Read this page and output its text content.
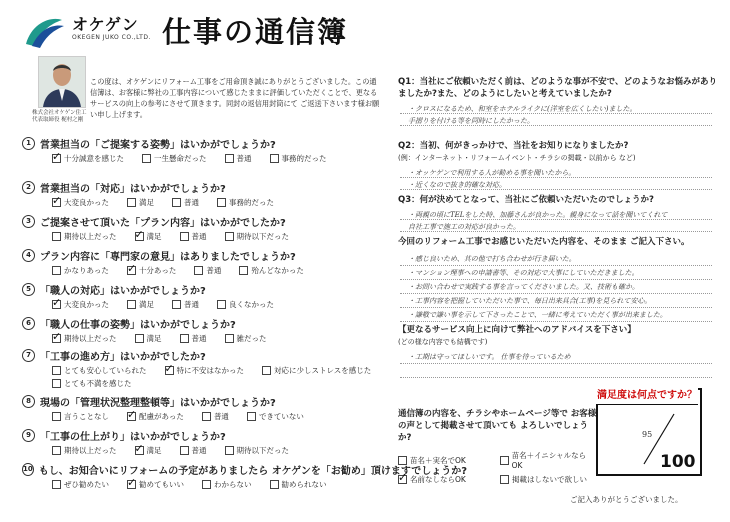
オケゲン
OKEGEN JUKO CO.,LTD. 仕事の通信簿
株式会社オケゲン住工
代表取締役 梶村之剛
この度は、オケゲンにリフォーム工事をご用命頂き誠にありがとうございました。この通信簿は、お客様に弊社の工事内容について感じたままに評価していただくことで、更なるサービスの向上の参考にさせて頂きます。同封の返信用封筒にて ご返送下さいます様お願い申し上げます。
1 営業担当の「ご提案する姿勢」はいかがでしょうか?
✓
十分誠意を感じた	一生懸命だった	普通	事務的だった
2 営業担当の「対応」はいかがでしょうか?
✓
大変良かった	満足	普通	事務的だった
3 ご提案させて頂いた「プラン内容」はいかがでしたか?
期待以上だった ✓	満足	普通	期待以下だった
4 プラン内容に「専門家の意見」はありましたでしょうか?
かなりあった ✓	十分あった	普通	殆んどなかった
5 「職人の対応」はいかがでしょうか?
✓
大変良かった	満足	普通	良くなかった
6 「職人の仕事の姿勢」はいかがでしょうか?
✓
期待以上だった	満足	普通	雑だった
7 「工事の進め方」はいかがでしたか?
とても安心していられた ✓	特に不安はなかった	対応に少しストレスを感じた
とても不満を感じた
8 現場の「管理状況整理整頓等」はいかがでしょうか?
言うことなし ✓	配慮があった	普通	できていない
9 「工事の仕上がり」はいかがでしょうか?
期待以上だった ✓	満足	普通	期待以下だった
10 もし、お知合いにリフォームの予定がありましたら オケゲンを「お勧め」頂けますでしょうか?
ぜひ勧めたい ✓	勧めてもいい	わからない	勧められない
Q1：当社にご依頼いただく前は、どのような事が不安で、どのようなお悩みがありましたか?また、どのようにしたいと考えていましたか?
・クロスになるため、和室をホテルライクに(洋室を広くしたい)ました。
手摺りを付ける等を同時にしたかった。
Q2：当初、何がきっかけで、当社をお知りになりましたか?
(例：インターネット・リフォームイベント・チラシの掲載・以前から など)
・オッケゲンで利用する人が勧める事を聞いたから。
・近くなので抜き的確な対応。
Q3：何が決めてとなって、当社にご依頼いただいたのでしょうか?
・両親の頃にTELをした時、加藤さんが良かった。親身になって話を聞いてくれて
自社工事で施工の対応が良かった。
今回のリフォーム工事でお感じいただいた内容を、そのまま ご記入下さい。
・感じ良いため、其の他で打ち合わせが行き届いた。
・マンション理事への申請書等、その対応で大事にしていただきました。
・お問い合わせで実践する事を言ってくださいました。又、技術も確か。
・工事内容を把握していただいた事で、毎日出来具合(工事)を見られて安心。
・謙敬で謙い事を示して下さったことで、一緒に考えていただく事が出来ました。
【更なるサービス向上に向けて弊社へのアドバイスを下さい】
(どの様な内容でも結構です)
・工期は守ってほしいです。 仕事を待っているため
通信簿の内容を、チラシやホームページ等で お客様の声として掲載させて頂いても よろしいでしょうか?
苗名＋実名でOK	苗名＋イニシャルならOK
✓
名前なしならOK	掲載はしないで欲しい
満足度は何点ですか？
95
100
ご記入ありがとうございました。
